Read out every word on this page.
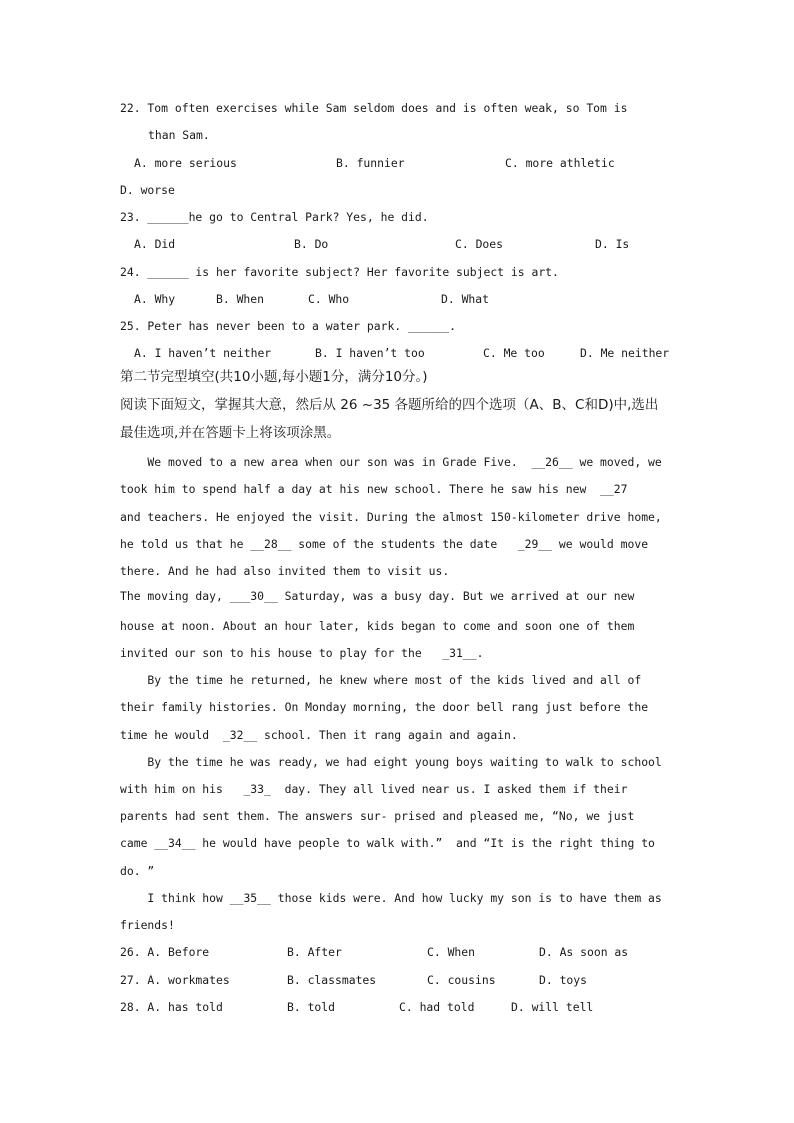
22. Tom often exercises while Sam seldom does and is often weak, so Tom is
than Sam.
A. more serious	B. funnier	C. more athletic
D. worse
23. ______he go to Central Park? Yes, he did.
A. Did	B. Do	C. Does	D. Is
24. ______ is her favorite subject? Her favorite subject is art.
A. Why	B. When	C. Who	D. What
25. Peter has never been to a water park. ______.
A. I haven’t neither	B. I haven’t too	C. Me too	D. Me neither
第二节完型填空(共10小题,每小题1分，满分10分。)
阅读下面短文，掌握其大意，然后从 26 ~35 各题所给的四个选项（A、B、C和D)中,选出
最佳选项,并在答题卡上将该项涂黑。
We moved to a new area when our son was in Grade Five.  __26__ we moved, we
took him to spend half a day at his new school. There he saw his new  __27
and teachers. He enjoyed the visit. During the almost 150-kilometer drive home,
he told us that he __28__ some of the students the date   _29__ we would move
there. And he had also invited them to visit us.
The moving day, ___30__ Saturday, was a busy day. But we arrived at our new
house at noon. About an hour later, kids began to come and soon one of them
invited our son to his house to play for the   _31__.
By the time he returned, he knew where most of the kids lived and all of
their family histories. On Monday morning, the door bell rang just before the
time he would  _32__ school. Then it rang again and again.
By the time he was ready, we had eight young boys waiting to walk to school
with him on his   _33_  day. They all lived near us. I asked them if their
parents had sent them. The answers sur- prised and pleased me, “No, we just
came __34__ he would have people to walk with.”  and “It is the right thing to
do. ”
I think how __35__ those kids were. And how lucky my son is to have them as
friends!
26. A. Before	B. After	C. When	D. As soon as
27. A. workmates	B. classmates	C. cousins	D. toys
28. A. has told	B. told	C. had told	D. will tell
